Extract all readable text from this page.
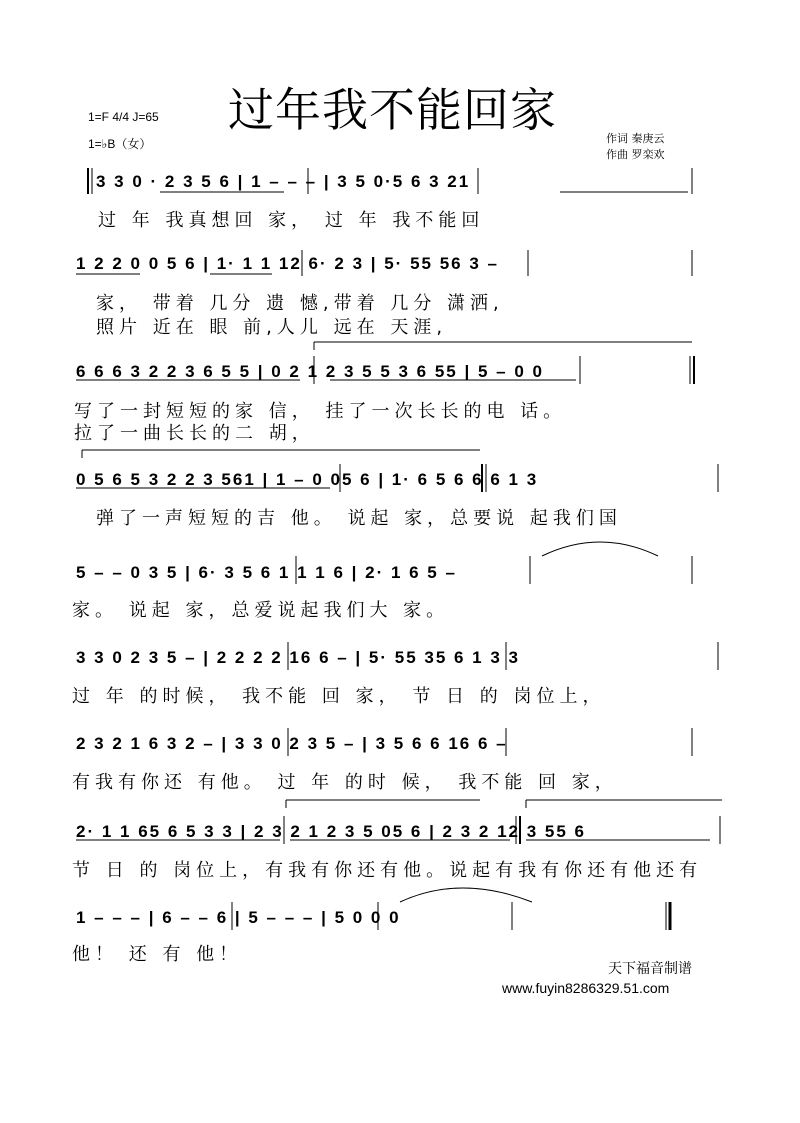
过年我不能回家
1=F 4/4 J=65
1=♭B（女）	作词 秦庚云
作曲 罗栾欢
3 3 0 · 2 3 5 6 | 1 – – – | 3 5 0·5 6 3 21
过 年 我真想回 家， 过 年 我不能回
1 2 2 0 0 5 6 | 1· 1 1 12 6· 2 3 | 5· 55 56 3 –
家， 带着 几分 遗 憾,带着 几分 潇洒,
照片 近在 眼 前,人儿 远在 天涯,
6 6 6 3 2 2 3 6 5 5 | 0 2 1 2 3 5 5 3 6 55 | 5 – 0 0
写了一封短短的家 信， 挂了一次长长的电 话。
拉了一曲长长的二 胡，
0 5 6 5 3 2 2 3 561 | 1 – 0 05 6 | 1· 6 5 6 6 6 1 3
弹了一声短短的吉 他。 说起 家，总要说 起我们国
5 – – 0 3 5 | 6· 3 5 6 1 1 1 6 | 2· 1 6 5 –
家。 说起 家，总爱说起我们大 家。
3 3 0 2 3 5 – | 2 2 2 2 16 6 – | 5· 55 35 6 1 3 3
过 年 的时候， 我不能 回 家， 节 日 的 岗位上，
2 3 2 1 6 3 2 – | 3 3 0 2 3 5 – | 3 5 6 6 16 6 –
有我有你还 有他。 过 年 的时 候， 我不能 回 家，
2· 1 1 65 6 5 3 3 | 2 3 2 1 2 3 5 05 6 | 2 3 2 12 3 55 6
节 日 的 岗位上，有我有你还有他。说起有我有你还有他还有
1 – – – | 6 – – 6 | 5 – – – | 5 0 0 0
他！ 还 有 他！
天下福音制谱
www.fuyin8286329.51.com
